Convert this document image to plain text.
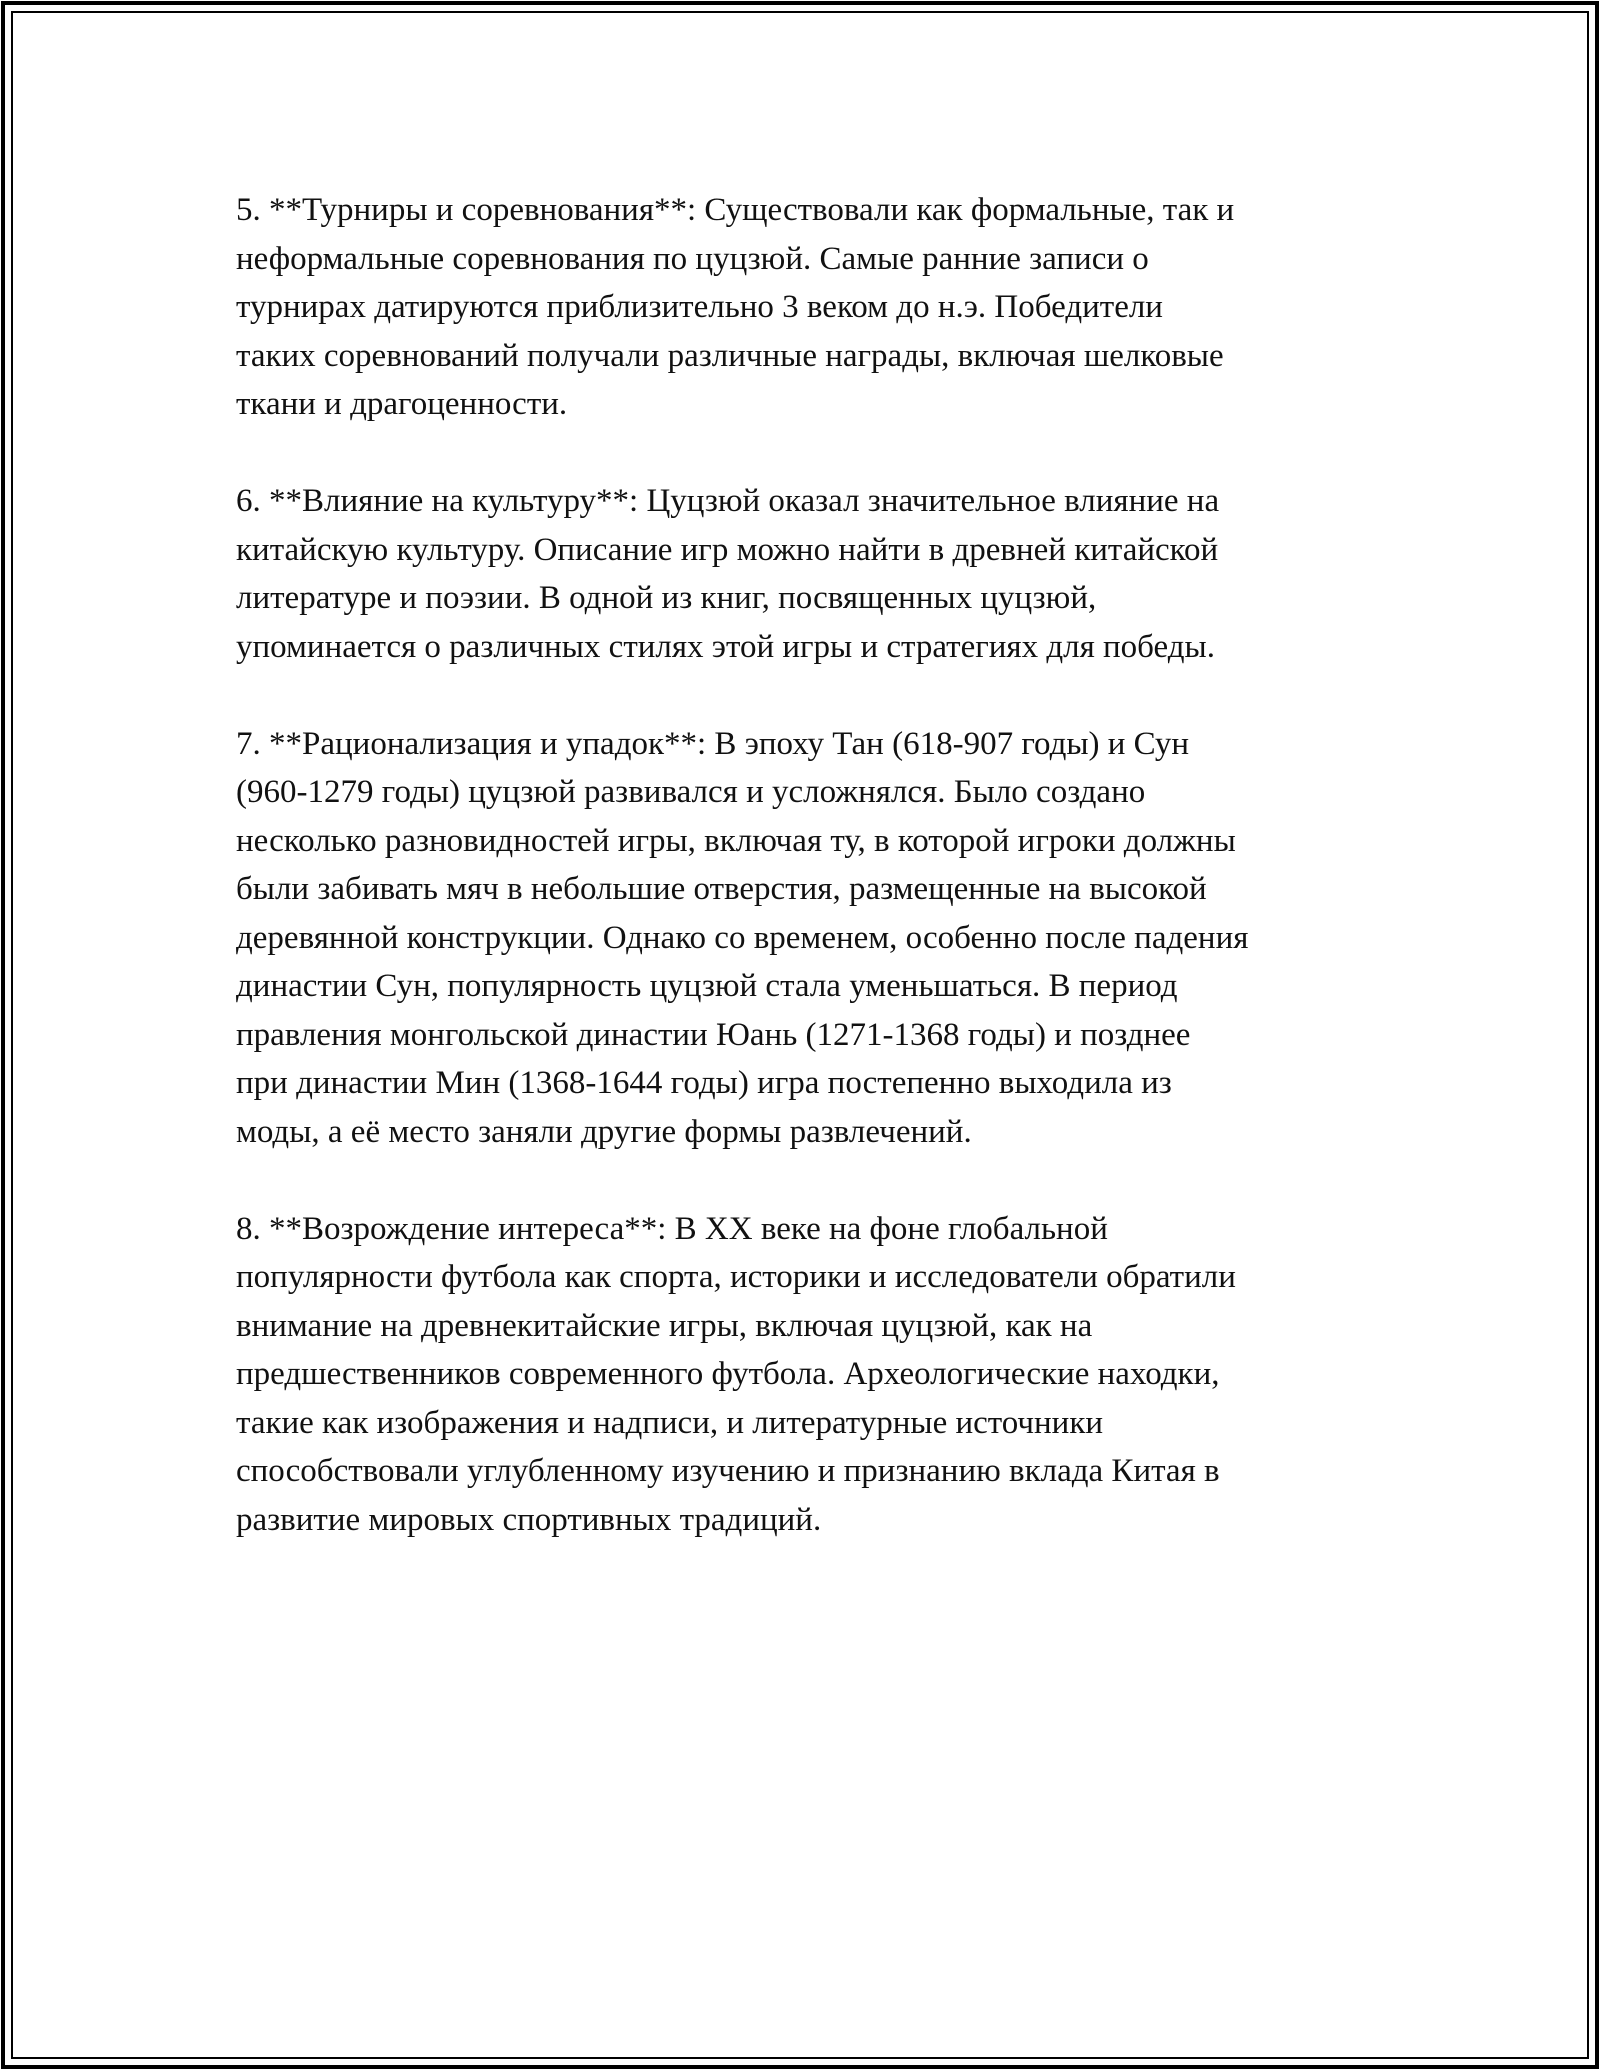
5. **Турниры и соревнования**: Существовали как формальные, так и
неформальные соревнования по цуцзюй. Самые ранние записи о
турнирах датируются приблизительно 3 веком до н.э. Победители
таких соревнований получали различные награды, включая шелковые
ткани и драгоценности.

6. **Влияние на культуру**: Цуцзюй оказал значительное влияние на
китайскую культуру. Описание игр можно найти в древней китайской
литературе и поэзии. В одной из книг, посвященных цуцзюй,
упоминается о различных стилях этой игры и стратегиях для победы.

7. **Рационализация и упадок**: В эпоху Тан (618-907 годы) и Сун
(960-1279 годы) цуцзюй развивался и усложнялся. Было создано
несколько разновидностей игры, включая ту, в которой игроки должны
были забивать мяч в небольшие отверстия, размещенные на высокой
деревянной конструкции. Однако со временем, особенно после падения
династии Сун, популярность цуцзюй стала уменьшаться. В период
правления монгольской династии Юань (1271-1368 годы) и позднее
при династии Мин (1368-1644 годы) игра постепенно выходила из
моды, а её место заняли другие формы развлечений.

8. **Возрождение интереса**: В XX веке на фоне глобальной
популярности футбола как спорта, историки и исследователи обратили
внимание на древнекитайские игры, включая цуцзюй, как на
предшественников современного футбола. Археологические находки,
такие как изображения и надписи, и литературные источники
способствовали углубленному изучению и признанию вклада Китая в
развитие мировых спортивных традиций.
